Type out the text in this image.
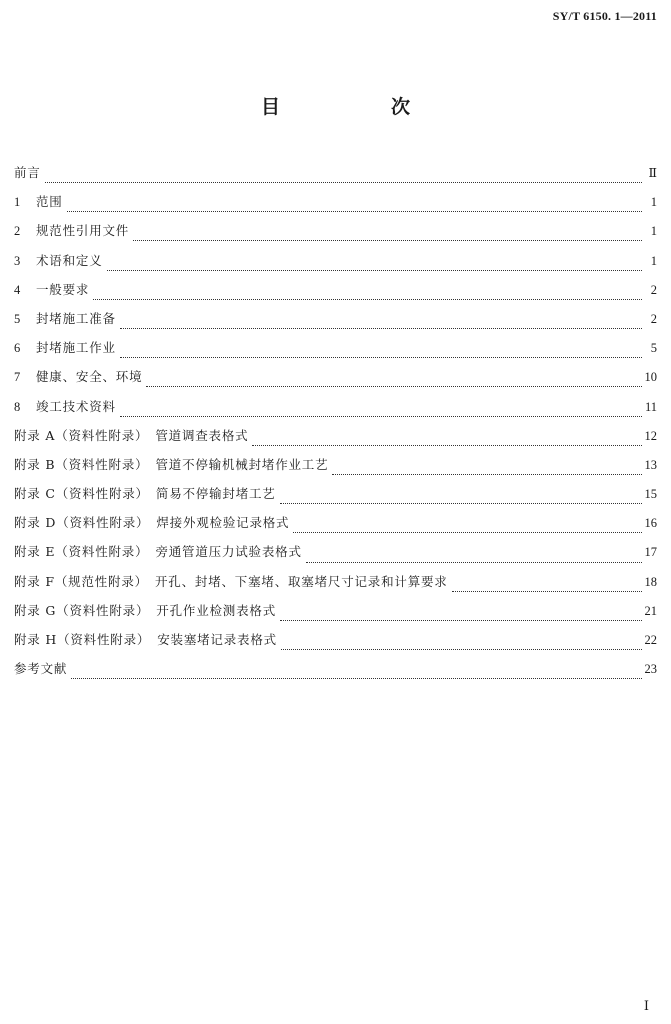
SY/T 6150. 1—2011
目　次
前言	Ⅱ
1	范围	1
2	规范性引用文件	1
3	术语和定义	1
4	一般要求	2
5	封堵施工准备	2
6	封堵施工作业	5
7	健康、安全、环境	10
8	竣工技术资料	11
附录 A（资料性附录）　管道调查表格式	12
附录 B（资料性附录）　管道不停输机械封堵作业工艺	13
附录 C（资料性附录）　简易不停输封堵工艺	15
附录 D（资料性附录）　焊接外观检验记录格式	16
附录 E（资料性附录）　旁通管道压力试验表格式	17
附录 F（规范性附录）　开孔、封堵、下塞堵、取塞堵尺寸记录和计算要求	18
附录 G（资料性附录）　开孔作业检测表格式	21
附录 H（资料性附录）　安装塞堵记录表格式	22
参考文献	23
Ⅰ
